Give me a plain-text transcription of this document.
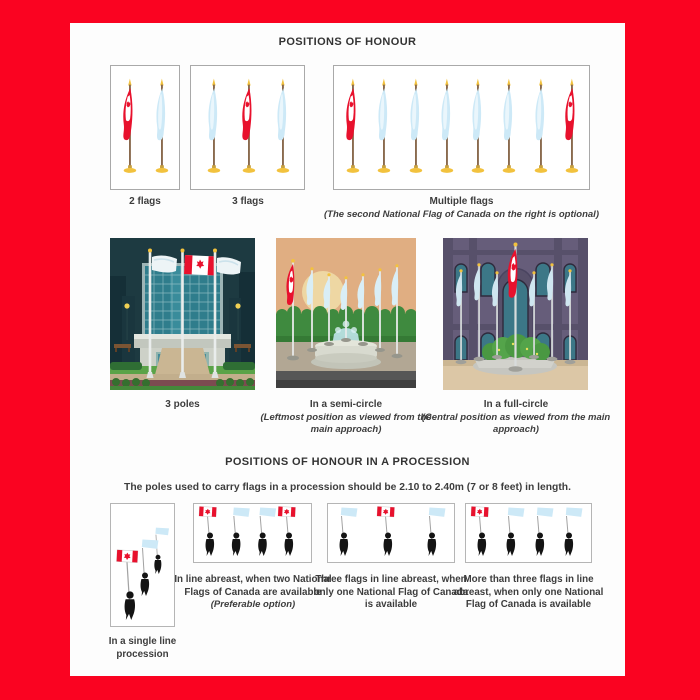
POSITIONS OF HONOUR
2 flags	3 flags	Multiple flags
(The second National Flag of Canada on the right is optional)
3 poles	In a semi-circle
(Leftmost position as viewed from the main approach)
In a full-circle
(Central position as viewed from the main approach)
POSITIONS OF HONOUR IN A PROCESSION
The poles used to carry flags in a procession should be 2.10 to 2.40m (7 or 8 feet) in length.
In line abreast, when two National Flags of Canada are available
(Preferable option)
Three flags in line abreast, when only one National Flag of Canada is available
More than three flags in line abreast, when only one National Flag of Canada is available
In a single line procession
